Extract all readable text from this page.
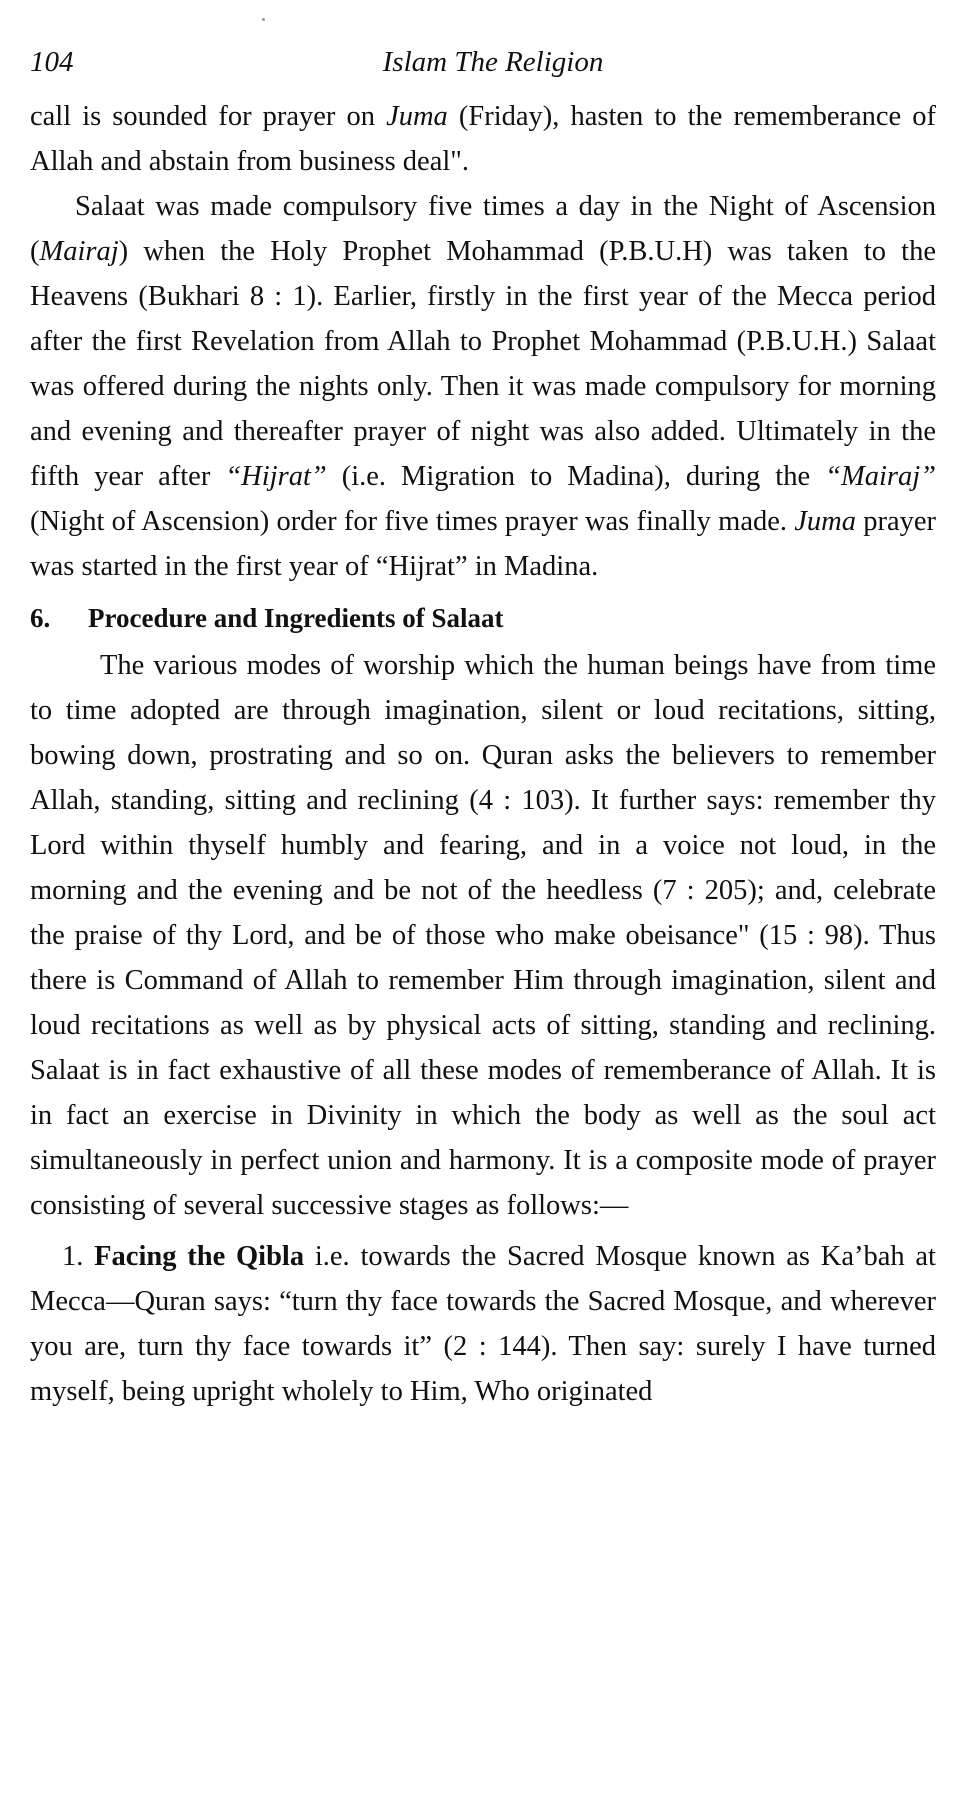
104	Islam The Religion

call is sounded for prayer on Juma (Friday), hasten to the rememberance of Allah and abstain from business deal".

Salaat was made compulsory five times a day in the Night of Ascension (Mairaj) when the Holy Prophet Mohammad (P.B.U.H) was taken to the Heavens (Bukhari 8 : 1). Earlier, firstly in the first year of the Mecca period after the first Revelation from Allah to Prophet Mohammad (P.B.U.H.) Salaat was offered during the nights only. Then it was made compulsory for morning and evening and thereafter prayer of night was also added. Ultimately in the fifth year after “Hijrat” (i.e. Migration to Madina), during the “Mairaj” (Night of Ascension) order for five times prayer was finally made. Juma prayer was started in the first year of “Hijrat” in Madina.

6. Procedure and Ingredients of Salaat

The various modes of worship which the human beings have from time to time adopted are through imagination, silent or loud recitations, sitting, bowing down, prostrating and so on. Quran asks the believers to remember Allah, standing, sitting and reclining (4 : 103). It further says: remember thy Lord within thyself humbly and fearing, and in a voice not loud, in the morning and the evening and be not of the heedless (7 : 205); and, celebrate the praise of thy Lord, and be of those who make obeisance" (15 : 98). Thus there is Command of Allah to remember Him through imagination, silent and loud recitations as well as by physical acts of sitting, standing and reclining. Salaat is in fact exhaustive of all these modes of rememberance of Allah. It is in fact an exercise in Divinity in which the body as well as the soul act simultaneously in perfect union and harmony. It is a composite mode of prayer consisting of several successive stages as follows:—

1. Facing the Qibla i.e. towards the Sacred Mosque known as Ka’bah at Mecca—Quran says: “turn thy face towards the Sacred Mosque, and wherever you are, turn thy face towards it” (2 : 144). Then say: surely I have turned myself, being upright wholely to Him, Who originated
